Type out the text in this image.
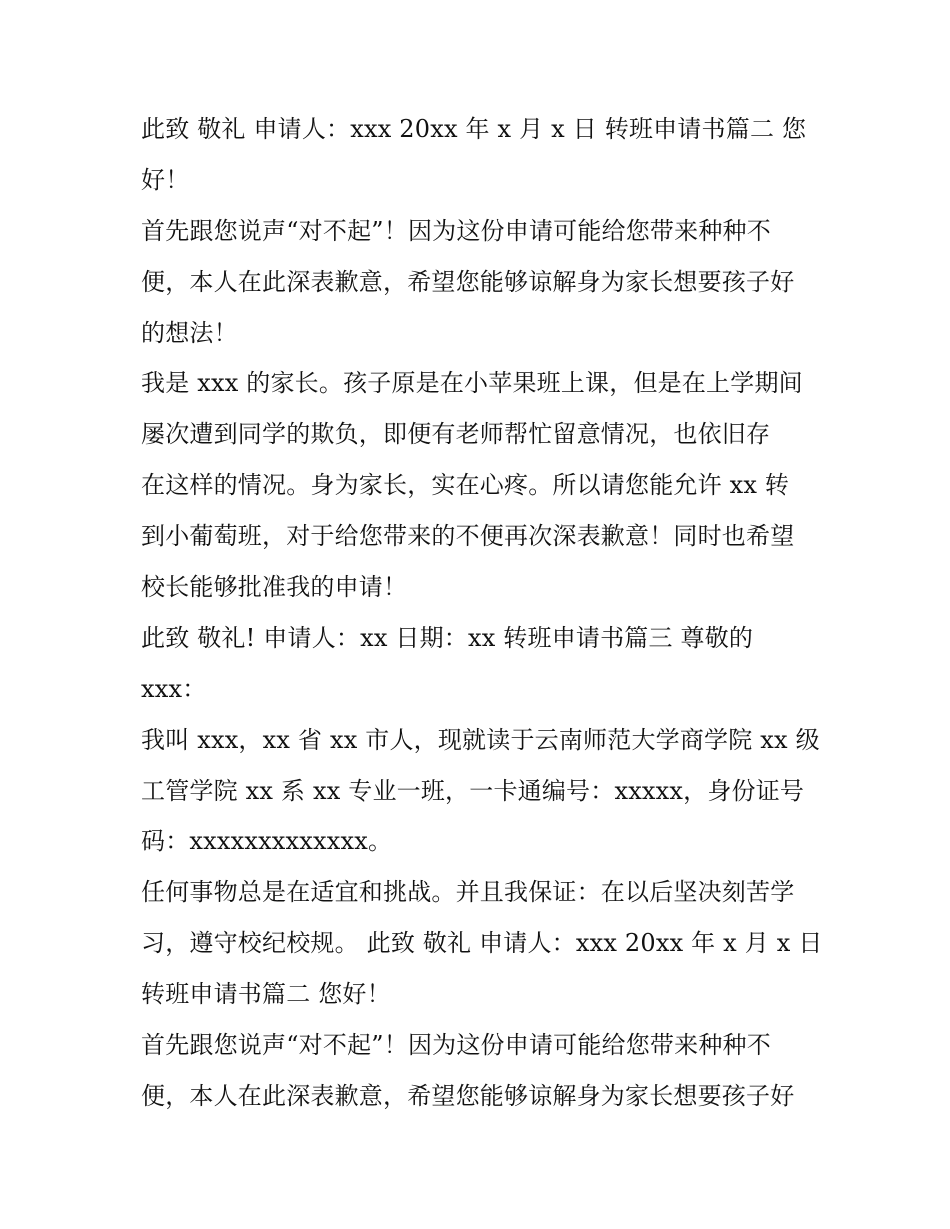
此致 敬礼 申请人：xxx 20xx 年 x 月 x 日 转班申请书篇二 您
好！
首先跟您说声“对不起”！因为这份申请可能给您带来种种不
便，本人在此深表歉意，希望您能够谅解身为家长想要孩子好
的想法！
我是 xxx 的家长。孩子原是在小苹果班上课，但是在上学期间
屡次遭到同学的欺负，即便有老师帮忙留意情况，也依旧存
在这样的情况。身为家长，实在心疼。所以请您能允许 xx 转
到小葡萄班，对于给您带来的不便再次深表歉意！同时也希望
校长能够批准我的申请！
此致 敬礼! 申请人：xx 日期：xx 转班申请书篇三 尊敬的
xxx：
我叫 xxx，xx 省 xx 市人，现就读于云南师范大学商学院 xx 级
工管学院 xx 系 xx 专业一班，一卡通编号：xxxxx，身份证号
码：xxxxxxxxxxxxx。
任何事物总是在适宜和挑战。并且我保证：在以后坚决刻苦学
习，遵守校纪校规。 此致 敬礼 申请人：xxx 20xx 年 x 月 x 日
转班申请书篇二 您好！
首先跟您说声“对不起”！因为这份申请可能给您带来种种不
便，本人在此深表歉意，希望您能够谅解身为家长想要孩子好
